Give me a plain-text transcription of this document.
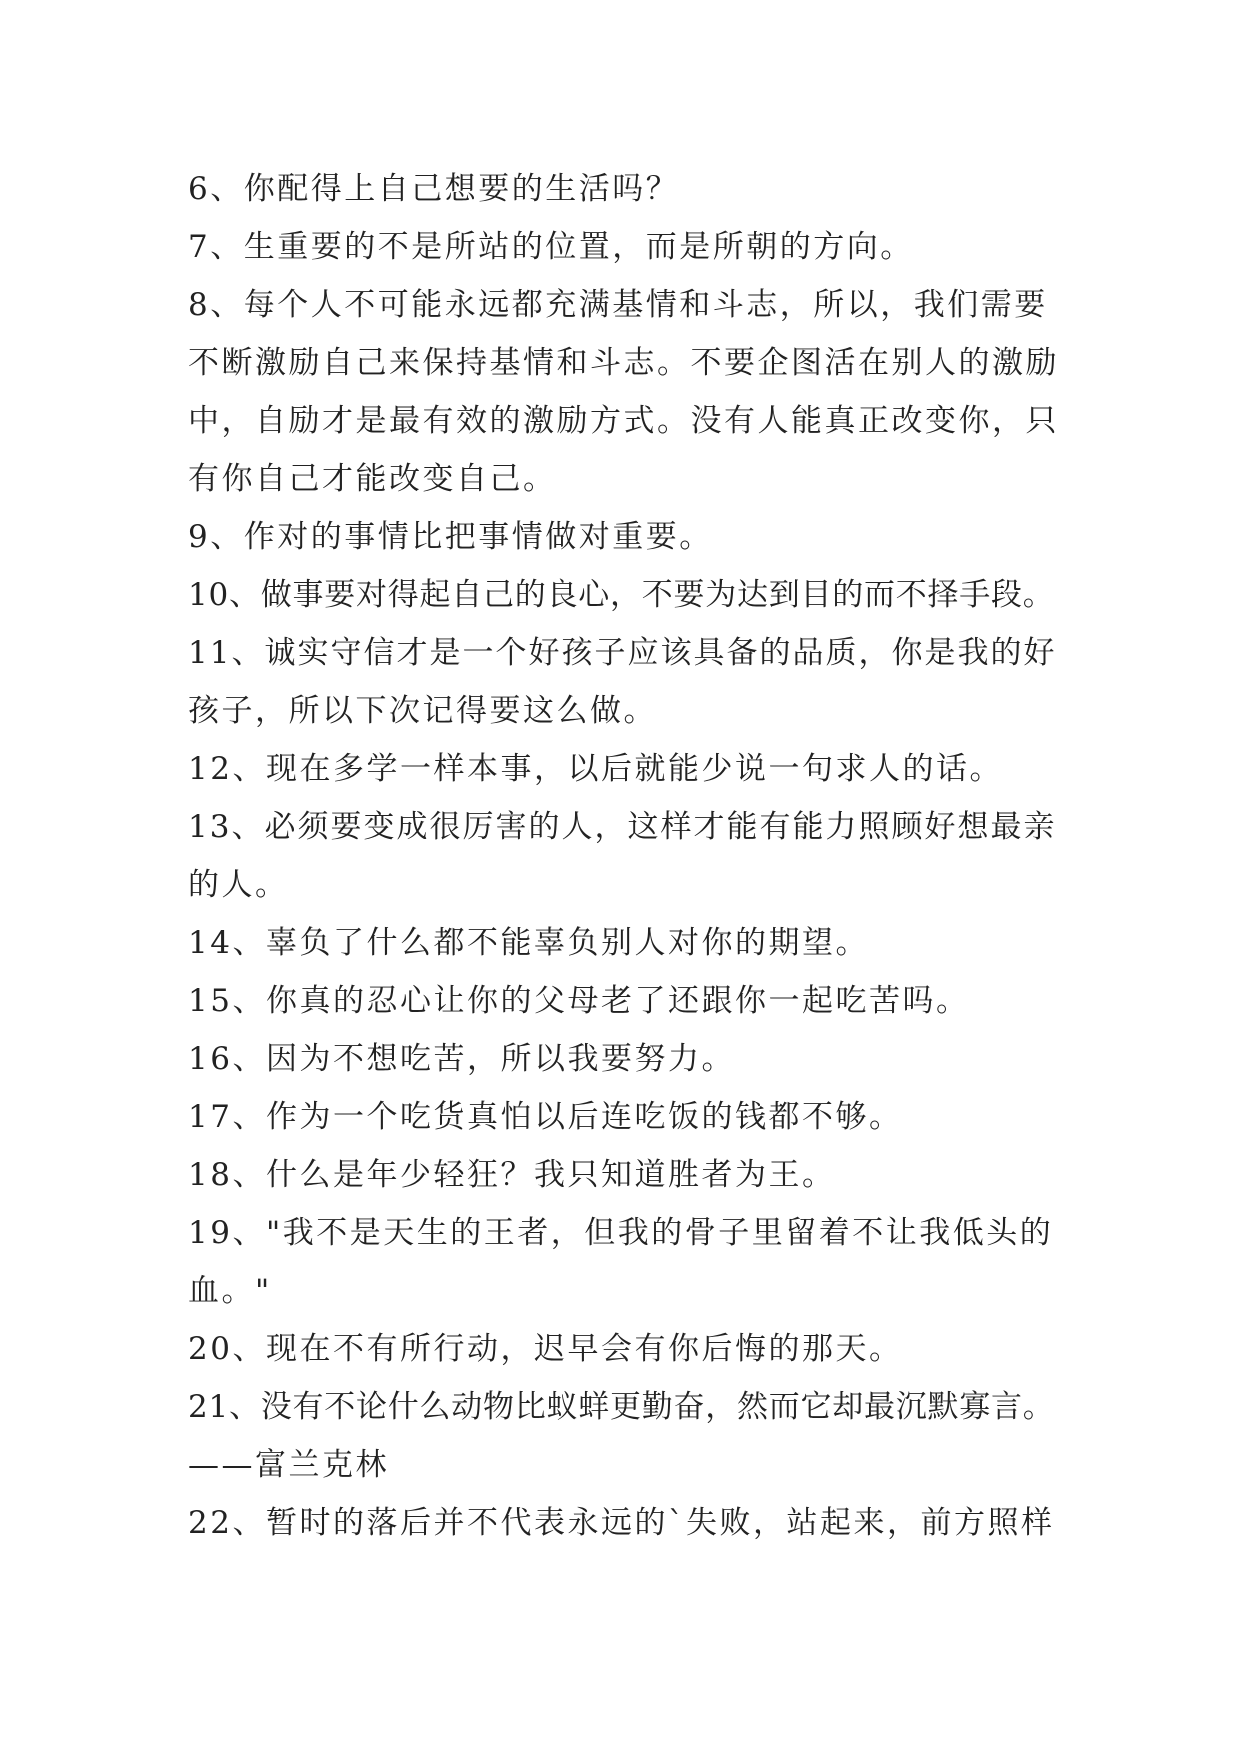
6、你配得上自己想要的生活吗？
7、生重要的不是所站的位置，而是所朝的方向。
8、每个人不可能永远都充满基情和斗志，所以，我们需要
不断激励自己来保持基情和斗志。不要企图活在别人的激励
中，自励才是最有效的激励方式。没有人能真正改变你，只
有你自己才能改变自己。
9、作对的事情比把事情做对重要。
10、做事要对得起自己的良心，不要为达到目的而不择手段。
11、诚实守信才是一个好孩子应该具备的品质，你是我的好
孩子，所以下次记得要这么做。
12、现在多学一样本事，以后就能少说一句求人的话。
13、必须要变成很厉害的人，这样才能有能力照顾好想最亲
的人。
14、辜负了什么都不能辜负别人对你的期望。
15、你真的忍心让你的父母老了还跟你一起吃苦吗。
16、因为不想吃苦，所以我要努力。
17、作为一个吃货真怕以后连吃饭的钱都不够。
18、什么是年少轻狂？我只知道胜者为王。
19、"我不是天生的王者，但我的骨子里留着不让我低头的
血。"
20、现在不有所行动，迟早会有你后悔的那天。
21、没有不论什么动物比蚁蛘更勤奋，然而它却最沉默寡言。
——富兰克林
22、暂时的落后并不代表永远的`失败，站起来，前方照样
